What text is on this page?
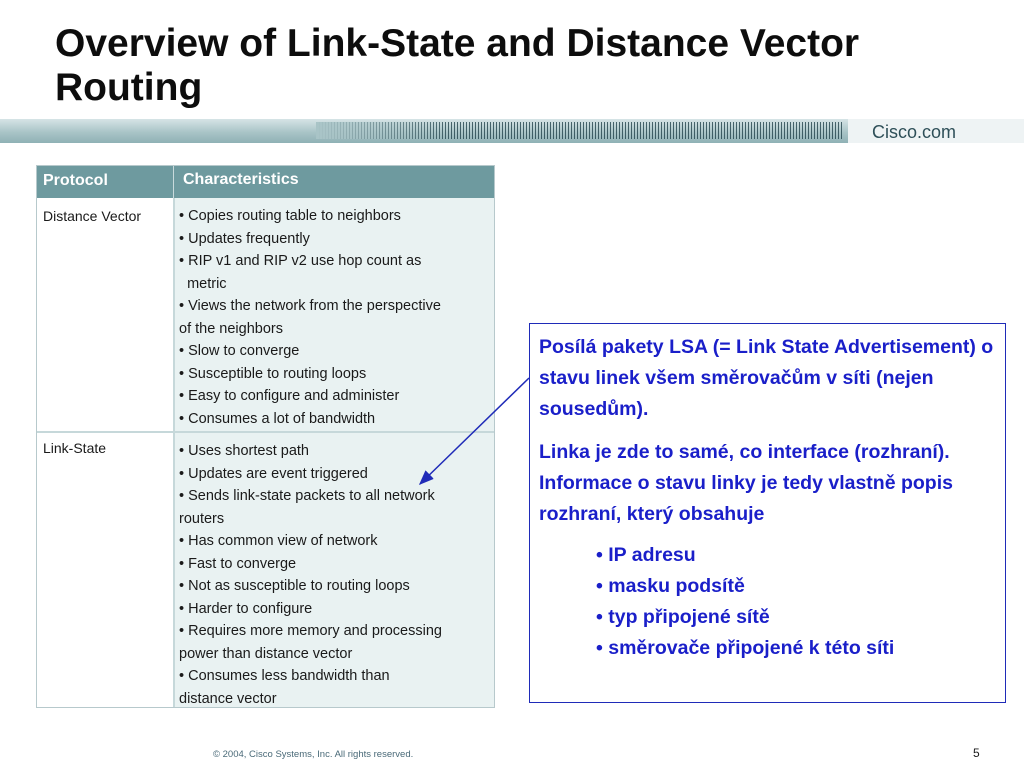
Overview of Link-State and Distance Vector Routing
Cisco.com
Protocol	Characteristics
Distance Vector	• Copies routing table to neighbors
• Updates frequently
• RIP v1 and RIP v2 use hop count as
metric
• Views the network from the perspective
of the neighbors
• Slow to converge
• Susceptible to routing loops
• Easy to configure and administer
• Consumes a lot of bandwidth
Link-State	• Uses shortest path
• Updates are event triggered
• Sends link-state packets to all network
routers
• Has common view of network
• Fast to converge
• Not as susceptible to routing loops
• Harder to configure
• Requires more memory and processing
power than distance vector
• Consumes less bandwidth than
distance vector

Posílá pakety LSA (= Link State Advertisement) o stavu linek všem směrovačům v síti (nejen sousedům).

Linka je zde to samé, co interface (rozhraní). Informace o stavu linky je tedy vlastně popis rozhraní, který obsahuje

• IP adresu
• masku podsítě
• typ připojené sítě
• směrovače připojené k této síti
© 2004, Cisco Systems, Inc. All rights reserved.	5
